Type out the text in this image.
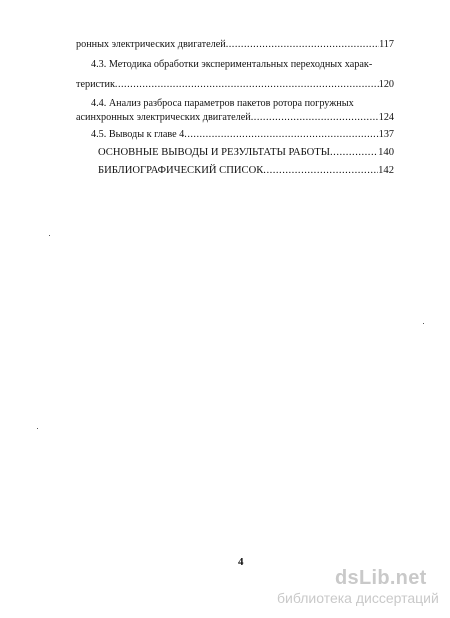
ронных электрических двигателей .....	117
4.3. Методика обработки экспериментальных переходных харак-
теристик .....	120
4.4. Анализ разброса параметров пакетов ротора погружных
асинхронных электрических двигателей .....	124
4.5. Выводы к главе 4 .....	137
ОСНОВНЫЕ ВЫВОДЫ И РЕЗУЛЬТАТЫ РАБОТЫ .....	140
БИБЛИОГРАФИЧЕСКИЙ СПИСОК .....	142
4
dsLib.net
библиотека диссертаций
